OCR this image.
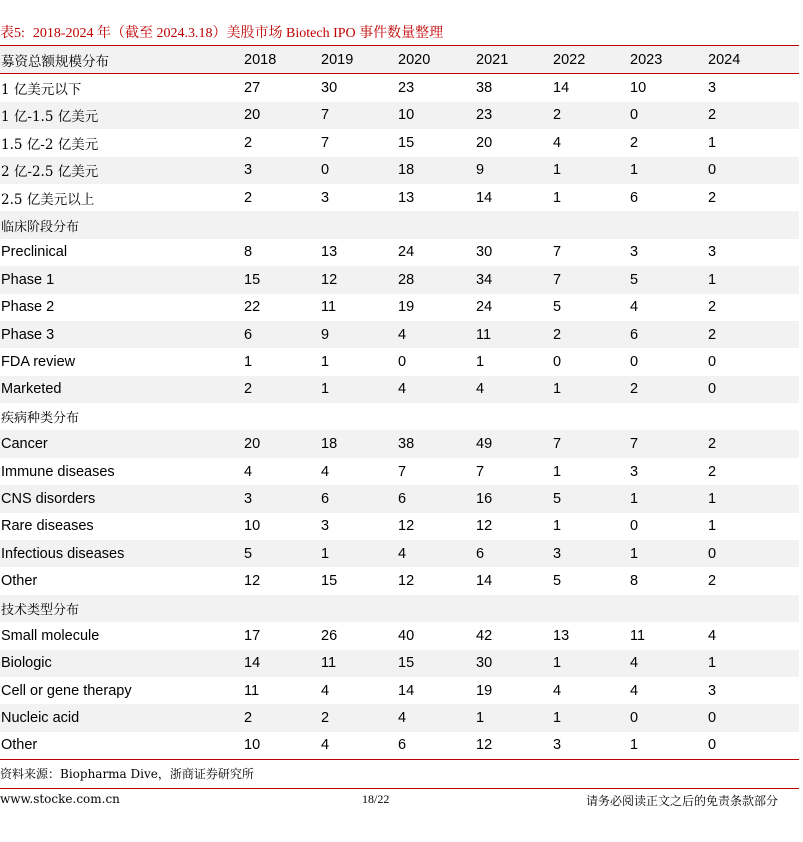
表5: 2018-2024 年（截至 2024.3.18）美股市场 Biotech IPO 事件数量整理
募资总额规模分布	2018	2019	2020	2021	2022	2023	2024
1 亿美元以下	27	30	23	38	14	10	3
1 亿-1.5 亿美元	20	7	10	23	2	0	2
1.5 亿-2 亿美元	2	7	15	20	4	2	1
2 亿-2.5 亿美元	3	0	18	9	1	1	0
2.5 亿美元以上	2	3	13	14	1	6	2
临床阶段分布							
Preclinical	8	13	24	30	7	3	3
Phase 1	15	12	28	34	7	5	1
Phase 2	22	11	19	24	5	4	2
Phase 3	6	9	4	11	2	6	2
FDA review	1	1	0	1	0	0	0
Marketed	2	1	4	4	1	2	0
疾病种类分布							
Cancer	20	18	38	49	7	7	2
Immune diseases	4	4	7	7	1	3	2
CNS disorders	3	6	6	16	5	1	1
Rare diseases	10	3	12	12	1	0	1
Infectious diseases	5	1	4	6	3	1	0
Other	12	15	12	14	5	8	2
技术类型分布							
Small molecule	17	26	40	42	13	11	4
Biologic	14	11	15	30	1	4	1
Cell or gene therapy	11	4	14	19	4	4	3
Nucleic acid	2	2	4	1	1	0	0
Other	10	4	6	12	3	1	0
资料来源：Biopharma Dive，浙商证券研究所
www.stocke.com.cn	18/22	请务必阅读正文之后的免责条款部分
